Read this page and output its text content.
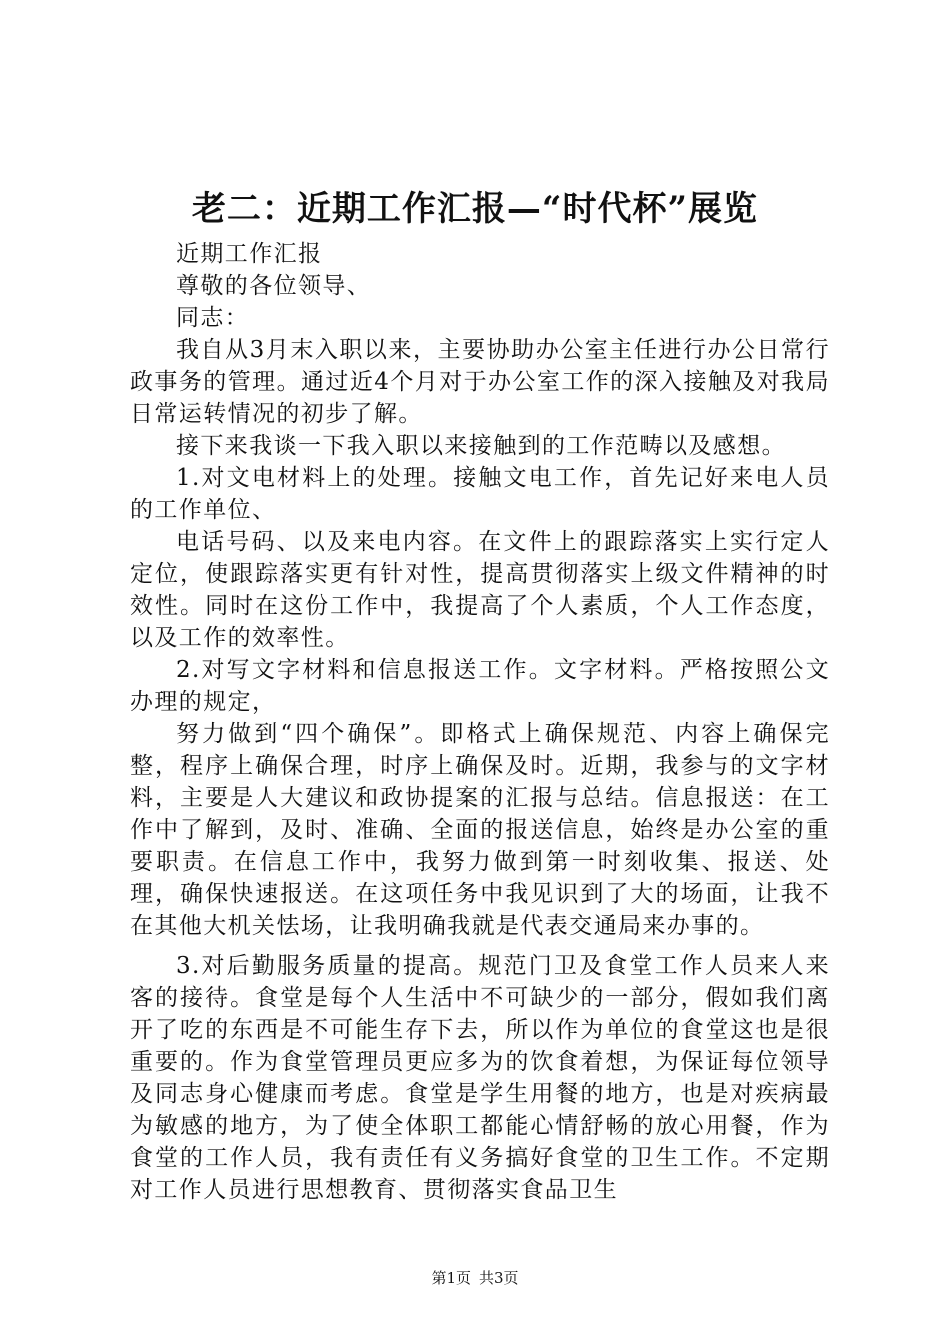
老二：近期工作汇报—“时代杯”展览

近期工作汇报

尊敬的各位领导、

同志：

我自从3月末入职以来，主要协助办公室主任进行办公日常行政事务的管理。通过近4个月对于办公室工作的深入接触及对我局日常运转情况的初步了解。

接下来我谈一下我入职以来接触到的工作范畴以及感想。

1.对文电材料上的处理。接触文电工作，首先记好来电人员的工作单位、

电话号码、以及来电内容。在文件上的跟踪落实上实行定人定位，使跟踪落实更有针对性，提高贯彻落实上级文件精神的时效性。同时在这份工作中，我提高了个人素质，个人工作态度，以及工作的效率性。

2.对写文字材料和信息报送工作。文字材料。严格按照公文办理的规定，

努力做到“四个确保”。即格式上确保规范、内容上确保完整，程序上确保合理，时序上确保及时。近期，我参与的文字材料，主要是人大建议和政协提案的汇报与总结。信息报送：在工作中了解到，及时、准确、全面的报送信息，始终是办公室的重要职责。在信息工作中，我努力做到第一时刻收集、报送、处理，确保快速报送。在这项任务中我见识到了大的场面，让我不在其他大机关怯场，让我明确我就是代表交通局来办事的。

3.对后勤服务质量的提高。规范门卫及食堂工作人员来人来客的接待。食堂是每个人生活中不可缺少的一部分，假如我们离开了吃的东西是不可能生存下去，所以作为单位的食堂这也是很重要的。作为食堂管理员更应多为的饮食着想，为保证每位领导及同志身心健康而考虑。食堂是学生用餐的地方，也是对疾病最为敏感的地方，为了使全体职工都能心情舒畅的放心用餐，作为食堂的工作人员，我有责任有义务搞好食堂的卫生工作。不定期对工作人员进行思想教育、贯彻落实食品卫生

第1页 共3页
